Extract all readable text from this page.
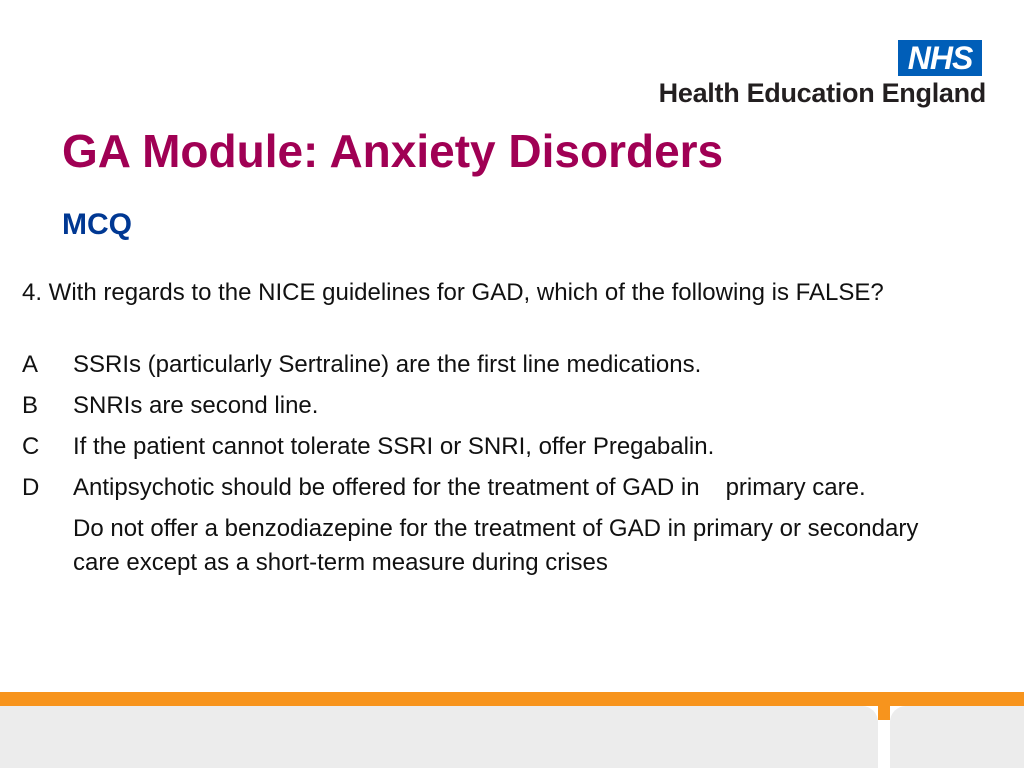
NHS
Health Education England
GA Module: Anxiety Disorders
MCQ

4. With regards to the NICE guidelines for GAD, which of the following is FALSE?

A SSRIs (particularly Sertraline) are the first line medications.
B SNRIs are second line.
C If the patient cannot tolerate SSRI or SNRI, offer Pregabalin.
D Antipsychotic should be offered for the treatment of GAD in primary care.
Do not offer a benzodiazepine for the treatment of GAD in primary or secondary care except as a short-term measure during crises
